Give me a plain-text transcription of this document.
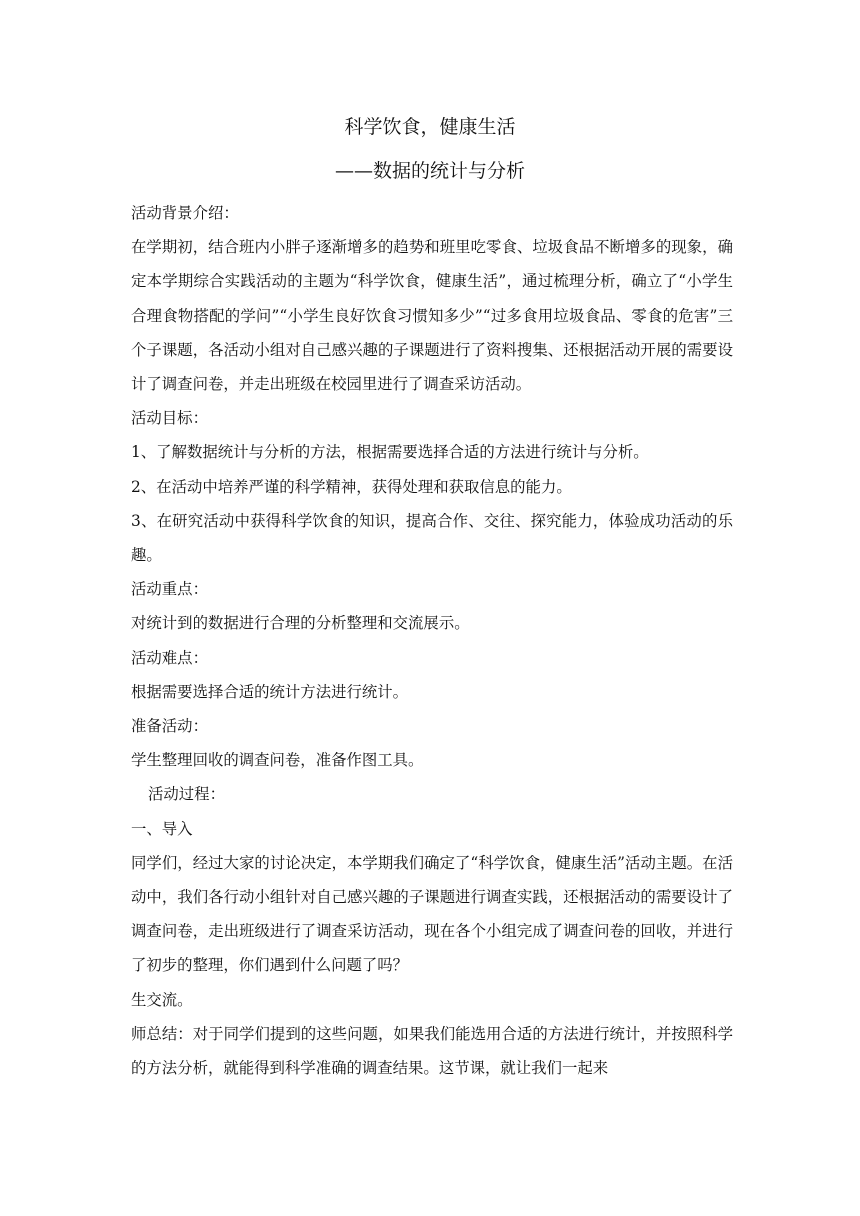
科学饮食，健康生活
——数据的统计与分析

活动背景介绍：

在学期初，结合班内小胖子逐渐增多的趋势和班里吃零食、垃圾食品不断增多的现象，确定本学期综合实践活动的主题为“科学饮食，健康生活”，通过梳理分析，确立了“小学生合理食物搭配的学问”“小学生良好饮食习惯知多少”“过多食用垃圾食品、零食的危害”三个子课题，各活动小组对自己感兴趣的子课题进行了资料搜集、还根据活动开展的需要设计了调查问卷，并走出班级在校园里进行了调查采访活动。

活动目标：

1、了解数据统计与分析的方法，根据需要选择合适的方法进行统计与分析。

2、在活动中培养严谨的科学精神，获得处理和获取信息的能力。

3、在研究活动中获得科学饮食的知识，提高合作、交往、探究能力，体验成功活动的乐趣。

活动重点：

对统计到的数据进行合理的分析整理和交流展示。

活动难点：

根据需要选择合适的统计方法进行统计。

准备活动：

学生整理回收的调查问卷，准备作图工具。

活动过程：

一、导入

同学们，经过大家的讨论决定，本学期我们确定了“科学饮食，健康生活”活动主题。在活动中，我们各行动小组针对自己感兴趣的子课题进行调查实践，还根据活动的需要设计了调查问卷，走出班级进行了调查采访活动，现在各个小组完成了调查问卷的回收，并进行了初步的整理，你们遇到什么问题了吗？

生交流。

师总结：对于同学们提到的这些问题，如果我们能选用合适的方法进行统计，并按照科学的方法分析，就能得到科学准确的调查结果。这节课，就让我们一起来
